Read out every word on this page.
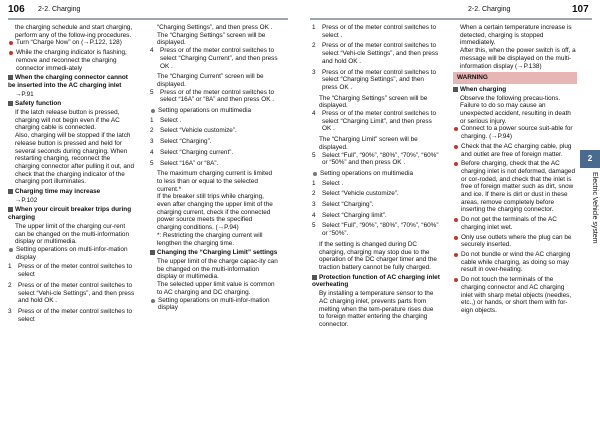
106 2-2. Charging	2-2. Charging	107
2
Electric Vehicle system
the charging schedule and start charging, perform any of the follow-ing procedures.
Turn “Charge Now” on (→P.122, 128)
While the charging indicator is flashing, remove and reconnect the charging connector immedi-ately
When the charging connector cannot be inserted into the AC charging inlet
→P.91
Safety function
If the latch release button is pressed, charging will not begin even if the AC charging cable is connected.
Also, charging will be stopped if the latch release button is pressed and held for several seconds during charging. When restarting charging, reconnect the charging connector after pulling it out, and check that the charging indicator of the charging port illuminates.
Charging time may increase
→P.102
When your circuit breaker trips during charging
The upper limit of the charging cur-rent can be changed on the multi-information display or multimedia.
Setting operations on multi-infor-mation display
1 Press or of the meter control switches to select
2 Press or of the meter control switches to select “Vehi-cle Settings”, and then press and hold OK .
3 Press or of the meter control switches to select
“Charging Settings”, and then press OK .
The “Charging Settings” screen will be displayed.
4 Press or of the meter control switches to select “Charging Current”, and then press OK .
The “Charging Current” screen will be displayed.
5 Press or of the meter control switches to select “16A” or “8A” and then press OK .
Setting operations on multimedia
1 Select .
2 Select “Vehicle customize”.
3 Select “Charging”.
4 Select “Charging current”.
5 Select “16A” or “8A”.
The maximum charging current is limited to less than or equal to the selected current.*
If the breaker still trips while charging, even after changing the upper limit of the charging current, check if the connected power source meets the specified charging conditions. (→P.94)
*: Restricting the charging current will lengthen the charging time.
Changing the “Charging Limit” settings
The upper limit of the charge capac-ity can be changed on the multi-information display or multimedia.
The selected upper limit value is common to AC charging and DC charging.
Setting operations on multi-infor-mation display
1 Press or of the meter control switches to select .
2 Press or of the meter control switches to select “Vehi-cle Settings”, and then press and hold OK .
3 Press or of the meter control switches to select “Charging Settings”, and then press OK .
The “Charging Settings” screen will be displayed.
4 Press or of the meter control switches to select “Charging Limit”, and then press OK .
The “Charging Limit” screen will be displayed.
5 Select “Full”, “90%”, “80%”, “70%”, “60%” or “50%” and then press OK .
Setting operations on multimedia
1 Select .
2 Select “Vehicle customize”.
3 Select “Charging”.
4 Select “Charging limit”.
5 Select “Full”, “90%”, “80%”, “70%”, “60%” or “50%”.
If the setting is changed during DC charging, charging may stop due to the operation of the DC charger timer and the traction battery cannot be fully charged.
Protection function of AC charging inlet overheating
By installing a temperature sensor to the AC charging inlet, prevents parts from melting when the tem-perature rises due to foreign matter entering the charging connector.
When a certain temperature increase is detected, charging is stopped immediately.
After this, when the power switch is off, a message will be displayed on the multi-information display (→P.138)
WARNING
When charging
Observe the following precau-tions.
Failure to do so may cause an unexpected accident, resulting in death or serious injury.
Connect to a power source suit-able for charging. (→P.94)
Check that the AC charging cable, plug and outlet are free of foreign matter.
Before charging, check that the AC charging inlet is not deformed, damaged or cor-roded, and check that the inlet is free of foreign matter such as dirt, snow and ice. If there is dirt or dust in these areas, remove completely before inserting the charging connector.
Do not get the terminals of the AC charging inlet wet.
Only use outlets where the plug can be securely inserted.
Do not bundle or wind the AC charging cable while charging, as doing so may result in over-heating.
Do not touch the terminals of the charging connector and AC charging inlet with sharp metal objects (needles, etc.,) or hands, or short them with for-eign objects.
